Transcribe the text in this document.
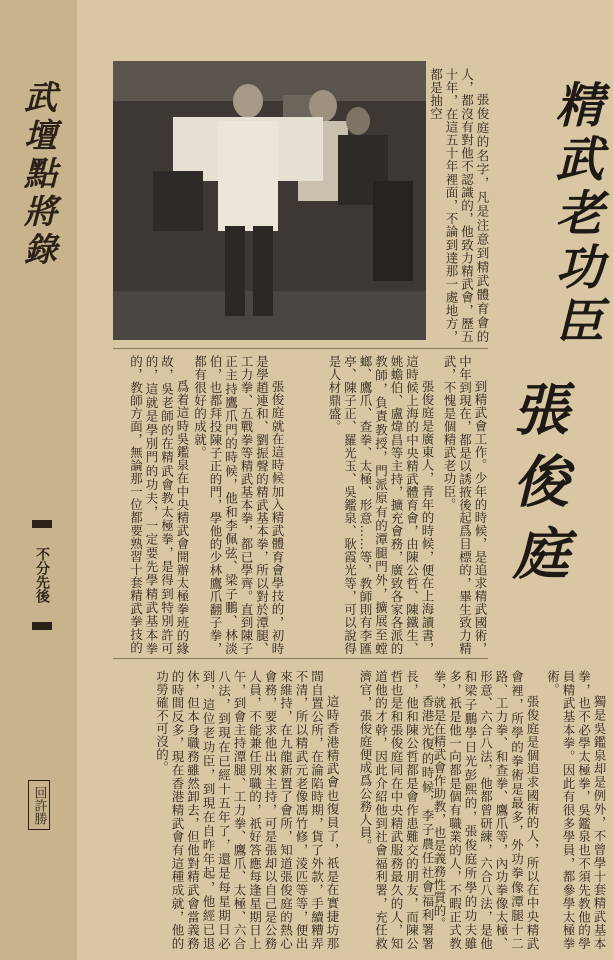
武壇點將錄
不分先後
回許勝
精武老功臣
張俊庭

張俊庭的名字，凡是注意到精武體育會的人，都沒有對他不認識的，他致力精武會，歷五十年，在這五十年裡面，不論到達那一處地方，都是抽空

到精武會工作。少年的時候，是追求精武國術，中年到現在，都是以誘掖後起爲目標的，畢生致力精武，不愧是個精武老功臣。

張俊庭是廣東人，青年的時候，便在上海讀書，這時候上海的中央精武體育會，由陳公哲、陳鐵生、姚蟾伯、盧煒昌等主持，擴充會務，廣致各家各派的教師，負責教授，門派原有的潭腿門外，擴展至螳螂、鷹爪、查拳、太極、形意……等，教師則有李匯亭、陳子正、羅光玉、吳鑑泉、耿霞光等，可以說得是人材鼎盛。

張俊庭就在這時候加入精武體育會學技的，初時是學趙連和、劉振聲的精武基本拳，所以對於潭腿、工力拳、五戰拳等精武基本拳，都已學齊。直到陳子正主持鷹爪門的時候，他和李佩弦、梁子鵬、林淡伯，也都拜投陳子正的門，學他的少林鷹爪翻子拳，都有很好的成就。

爲着這時吳鑑泉在中央精武會開辦太極拳班的緣故，吳老師的在精武會教太極拳，是得到特別許可的，這就是學別門的功夫，一定要先學精武基本拳的，教師方面，無論那一位都要熟習十套精武拳技的

獨是吳鑑泉却是例外，不曾學十套精武基本拳，也不必學太極拳，吳鑑泉也不須先教他的學員精武基本拳。因此有很多學員，都參學太極拳術。

張俊庭是個追求國術的人，所以在中央精武會裡，所學的拳術是最多，外功拳像潭腿十二路、工力拳、和查拳、鷹爪等，內功拳像太極、形意、六合八法，他都曾研練，六合八法，是他和梁子鵬學日光彭熙的，張俊庭所學的功夫雖多，祇是他一向都是個有職業的人，不暇正式教拳，就是在精武會作助教，也是義務性質的。

香港光復的時候，李子農任社會福利署署長，他和陳公哲都是會作患難交的朋友，而陳公哲也是和張俊庭同在中央精武服務最久的人，知道他的才幹，因此介紹他到社會福利署，充任救濟官，張俊庭便成爲公務人員。

這時香港精武會也復員了，祇是在實捷坊那間自置公所，在淪陷時期，貨了外款，手續糟弄不清，所以精武元老像馮竹修，淩匹等等，便出來維持，在九龍新置了會所，知道張俊庭的熱心會務，要求他出來主持，可是張却以自己是公務人員，不能兼任別職的，祇好答應每逢星期日上午，到會主持潭腿、工力拳、鷹爪、太極、六合八法，到現在已經十五年了，還是每星期日必到，這位老功臣，到現在自昨年起，他經已退休，但本身職務雖然卸去，但他對精武會當義務的時間反多，現在香港精武會有這種成就，他的功勞確不可沒的。
